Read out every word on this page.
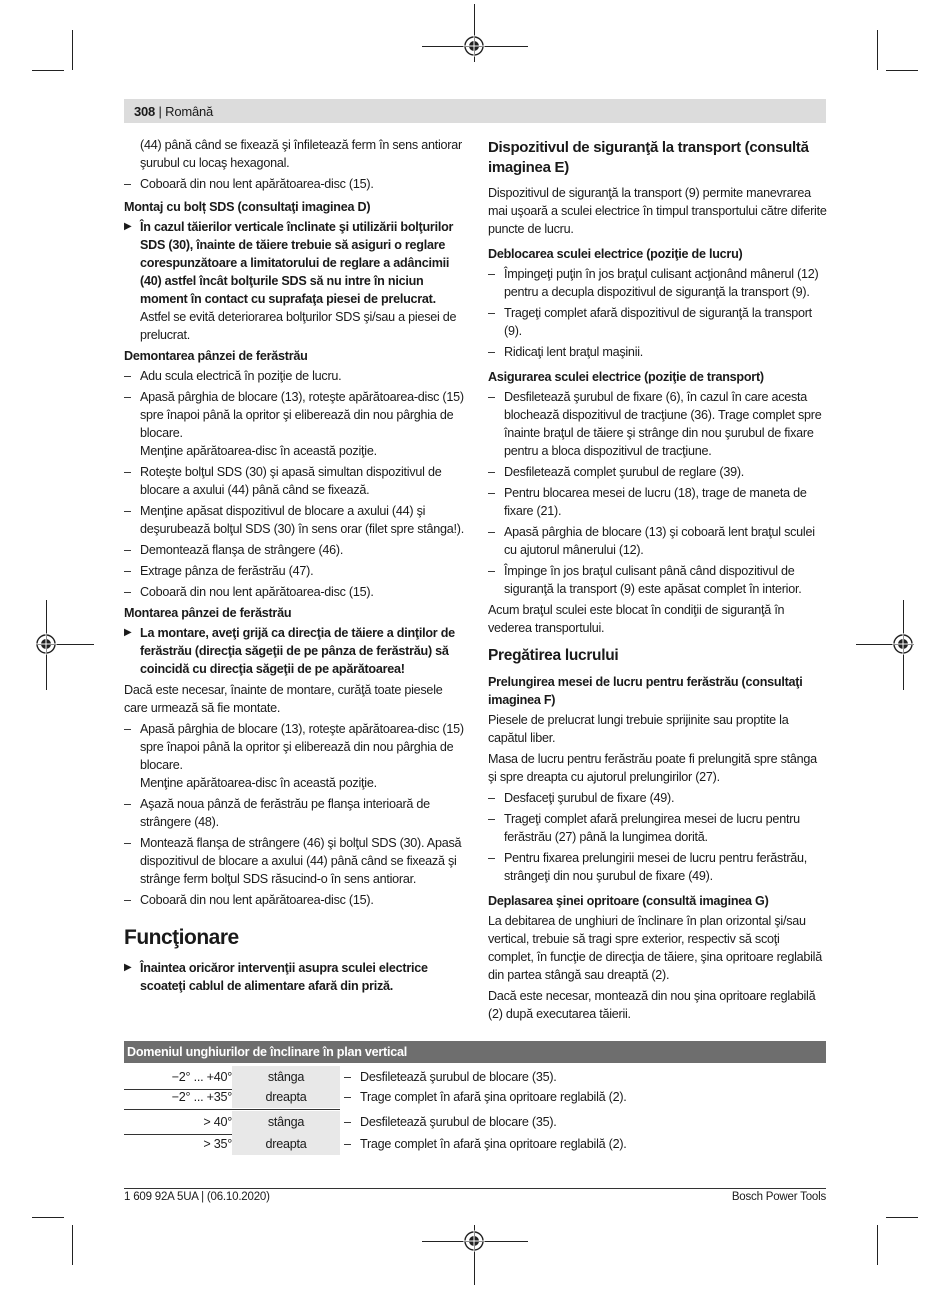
308 | Română

(44) până când se fixează şi înfiletează ferm în sens antiorar şurubul cu locaş hexagonal.

– Coboară din nou lent apărătoarea-disc (15).
Montaj cu bolț SDS (consultaţi imaginea D)
▶ În cazul tăierilor verticale înclinate şi utilizării bolţurilor SDS (30), înainte de tăiere trebuie să asiguri o reglare corespunzătoare a limitatorului de reglare a adâncimii (40) astfel încât bolţurile SDS să nu intre în niciun moment în contact cu suprafaţa piesei de prelucrat. Astfel se evită deteriorarea bolţurilor SDS şi/sau a piesei de prelucrat.
Demontarea pânzei de ferăstrău
– Adu scula electrică în poziţie de lucru.
– Apasă pârghia de blocare (13), roteşte apărătoarea-disc (15) spre înapoi până la opritor şi eliberează din nou pârghia de blocare.

Menţine apărătoarea-disc în această poziţie.

– Roteşte bolţul SDS (30) şi apasă simultan dispozitivul de blocare a axului (44) până când se fixează.
– Menţine apăsat dispozitivul de blocare a axului (44) şi deşurubează bolţul SDS (30) în sens orar (filet spre stânga!).
– Demontează flanşa de strângere (46).
– Extrage pânza de ferăstrău (47).
– Coboară din nou lent apărătoarea-disc (15).
Montarea pânzei de ferăstrău
▶ La montare, aveţi grijă ca direcţia de tăiere a dinţilor de ferăstrău (direcţia săgeţii de pe pânza de ferăstrău) să coincidă cu direcţia săgeţii de pe apărătoarea!

Dacă este necesar, înainte de montare, curăţă toate piesele care urmează să fie montate.

– Apasă pârghia de blocare (13), roteşte apărătoarea-disc (15) spre înapoi până la opritor şi eliberează din nou pârghia de blocare.

Menţine apărătoarea-disc în această poziţie.

– Aşază noua pânză de ferăstrău pe flanşa interioară de strângere (48).
– Montează flanşa de strângere (46) şi bolţul SDS (30). Apasă dispozitivul de blocare a axului (44) până când se fixează şi strânge ferm bolţul SDS răsucind-o în sens antiorar.
– Coboară din nou lent apărătoarea-disc (15).
Funcţionare
▶ Înaintea oricăror intervenţii asupra sculei electrice scoateţi cablul de alimentare afară din priză.
Dispozitivul de siguranţă la transport (consultă imaginea E)

Dispozitivul de siguranţă la transport (9) permite manevrarea mai uşoară a sculei electrice în timpul transportului către diferite puncte de lucru.

Deblocarea sculei electrice (poziţie de lucru)
– Împingeţi puţin în jos braţul culisant acţionând mânerul (12) pentru a decupla dispozitivul de siguranţă la transport (9).
– Trageţi complet afară dispozitivul de siguranţă la transport (9).
– Ridicaţi lent braţul maşinii.
Asigurarea sculei electrice (poziţie de transport)
– Desfiletează şurubul de fixare (6), în cazul în care acesta blochează dispozitivul de tracţiune (36). Trage complet spre înainte braţul de tăiere şi strânge din nou şurubul de fixare pentru a bloca dispozitivul de tracţiune.
– Desfiletează complet şurubul de reglare (39).
– Pentru blocarea mesei de lucru (18), trage de maneta de fixare (21).
– Apasă pârghia de blocare (13) şi coboară lent braţul sculei cu ajutorul mânerului (12).
– Împinge în jos braţul culisant până când dispozitivul de siguranţă la transport (9) este apăsat complet în interior.

Acum braţul sculei este blocat în condiţii de siguranţă în vederea transportului.

Pregătirea lucrului
Prelungirea mesei de lucru pentru ferăstrău (consultaţi imaginea F)

Piesele de prelucrat lungi trebuie sprijinite sau proptite la capătul liber.

Masa de lucru pentru ferăstrău poate fi prelungită spre stânga şi spre dreapta cu ajutorul prelungirilor (27).

– Desfaceţi şurubul de fixare (49).
– Trageţi complet afară prelungirea mesei de lucru pentru ferăstrău (27) până la lungimea dorită.
– Pentru fixarea prelungirii mesei de lucru pentru ferăstrău, strângeţi din nou şurubul de fixare (49).
Deplasarea şinei opritoare (consultă imaginea G)

La debitarea de unghiuri de înclinare în plan orizontal şi/sau vertical, trebuie să tragi spre exterior, respectiv să scoţi complet, în funcţie de direcţia de tăiere, şina opritoare reglabilă din partea stângă sau dreaptă (2).

Dacă este necesar, montează din nou şina opritoare reglabilă (2) după executarea tăierii.

Domeniul unghiurilor de înclinare în plan vertical
−2° ... +40°	stânga	– Desfiletează şurubul de blocare (35).
−2° ... +35°	dreapta	– Trage complet în afară şina opritoare reglabilă (2).
> 40°	stânga	– Desfiletează şurubul de blocare (35).
> 35°	dreapta	– Trage complet în afară şina opritoare reglabilă (2).
1 609 92A 5UA | (06.10.2020)	Bosch Power Tools
